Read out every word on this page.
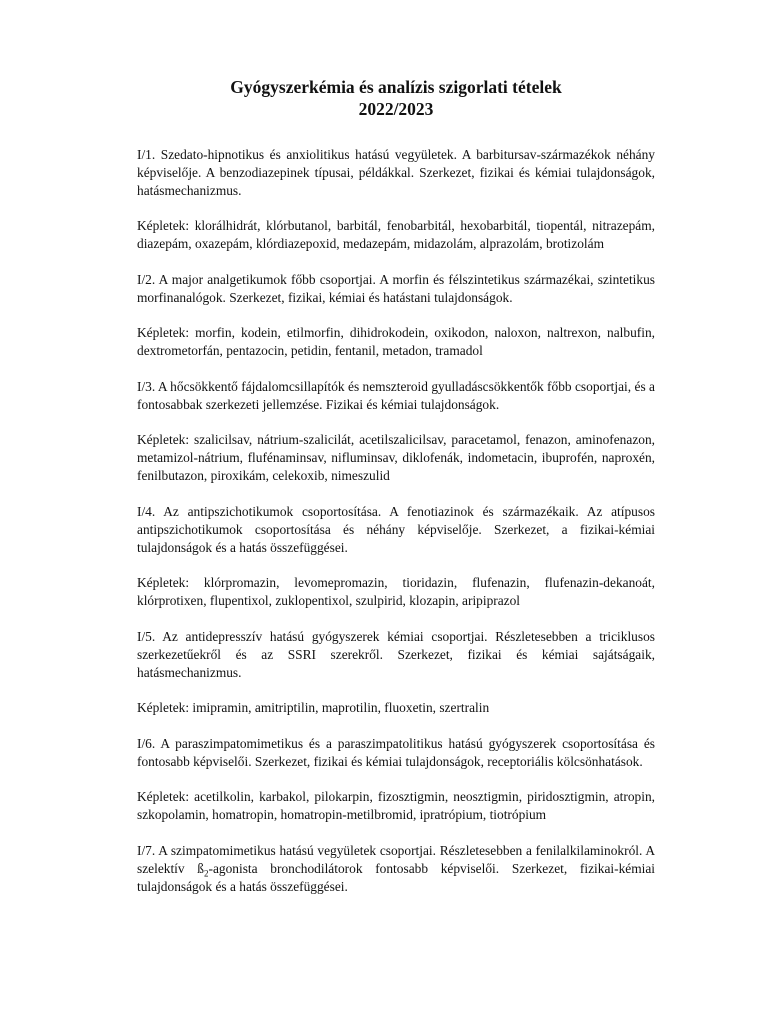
Gyógyszerkémia és analízis szigorlati tételek
2022/2023

I/1. Szedato-hipnotikus és anxiolitikus hatású vegyületek. A barbitursav-származékok néhány képviselője. A benzodiazepinek típusai, példákkal. Szerkezet, fizikai és kémiai tulajdonságok, hatásmechanizmus.

Képletek: klorálhidrát, klórbutanol, barbitál, fenobarbitál, hexobarbitál, tiopentál, nitrazepám, diazepám, oxazepám, klórdiazepoxid, medazepám, midazolám, alprazolám, brotizolám

I/2. A major analgetikumok főbb csoportjai. A morfin és félszintetikus származékai, szintetikus morfinanalógok. Szerkezet, fizikai, kémiai és hatástani tulajdonságok.

Képletek: morfin, kodein, etilmorfin, dihidrokodein, oxikodon, naloxon, naltrexon, nalbufin, dextrometorfán, pentazocin, petidin, fentanil, metadon, tramadol

I/3. A hőcsökkentő fájdalomcsillapítók és nemszteroid gyulladáscsökkentők főbb csoportjai, és a fontosabbak szerkezeti jellemzése. Fizikai és kémiai tulajdonságok.

Képletek: szalicilsav, nátrium-szalicilát, acetilszalicilsav, paracetamol, fenazon, aminofenazon, metamizol-nátrium, flufénaminsav, nifluminsav, diklofenák, indometacin, ibuprofén, naproxén, fenilbutazon, piroxikám, celekoxib, nimeszulid

I/4. Az antipszichotikumok csoportosítása. A fenotiazinok és származékaik. Az atípusos antipszichotikumok csoportosítása és néhány képviselője. Szerkezet, a fizikai-kémiai tulajdonságok és a hatás összefüggései.

Képletek: klórpromazin, levomepromazin, tioridazin, flufenazin, flufenazin-dekanoát, klórprotixen, flupentixol, zuklopentixol, szulpirid, klozapin, aripiprazol

I/5. Az antidepresszív hatású gyógyszerek kémiai csoportjai. Részletesebben a triciklusos szerkezetűekről és az SSRI szerekről. Szerkezet, fizikai és kémiai sajátságaik, hatásmechanizmus.

Képletek: imipramin, amitriptilin, maprotilin, fluoxetin, szertralin

I/6. A paraszimpatomimetikus és a paraszimpatolitikus hatású gyógyszerek csoportosítása és fontosabb képviselői. Szerkezet, fizikai és kémiai tulajdonságok, receptoriális kölcsönhatások.

Képletek: acetilkolin, karbakol, pilokarpin, fizosztigmin, neosztigmin, piridosztigmin, atropin, szkopolamin, homatropin, homatropin-metilbromid, ipratrópium, tiotrópium

I/7. A szimpatomimetikus hatású vegyületek csoportjai. Részletesebben a fenilalkilaminokról. A szelektív $ß_2$-agonista bronchodilátorok fontosabb képviselői. Szerkezet, fizikai-kémiai tulajdonságok és a hatás összefüggései.
